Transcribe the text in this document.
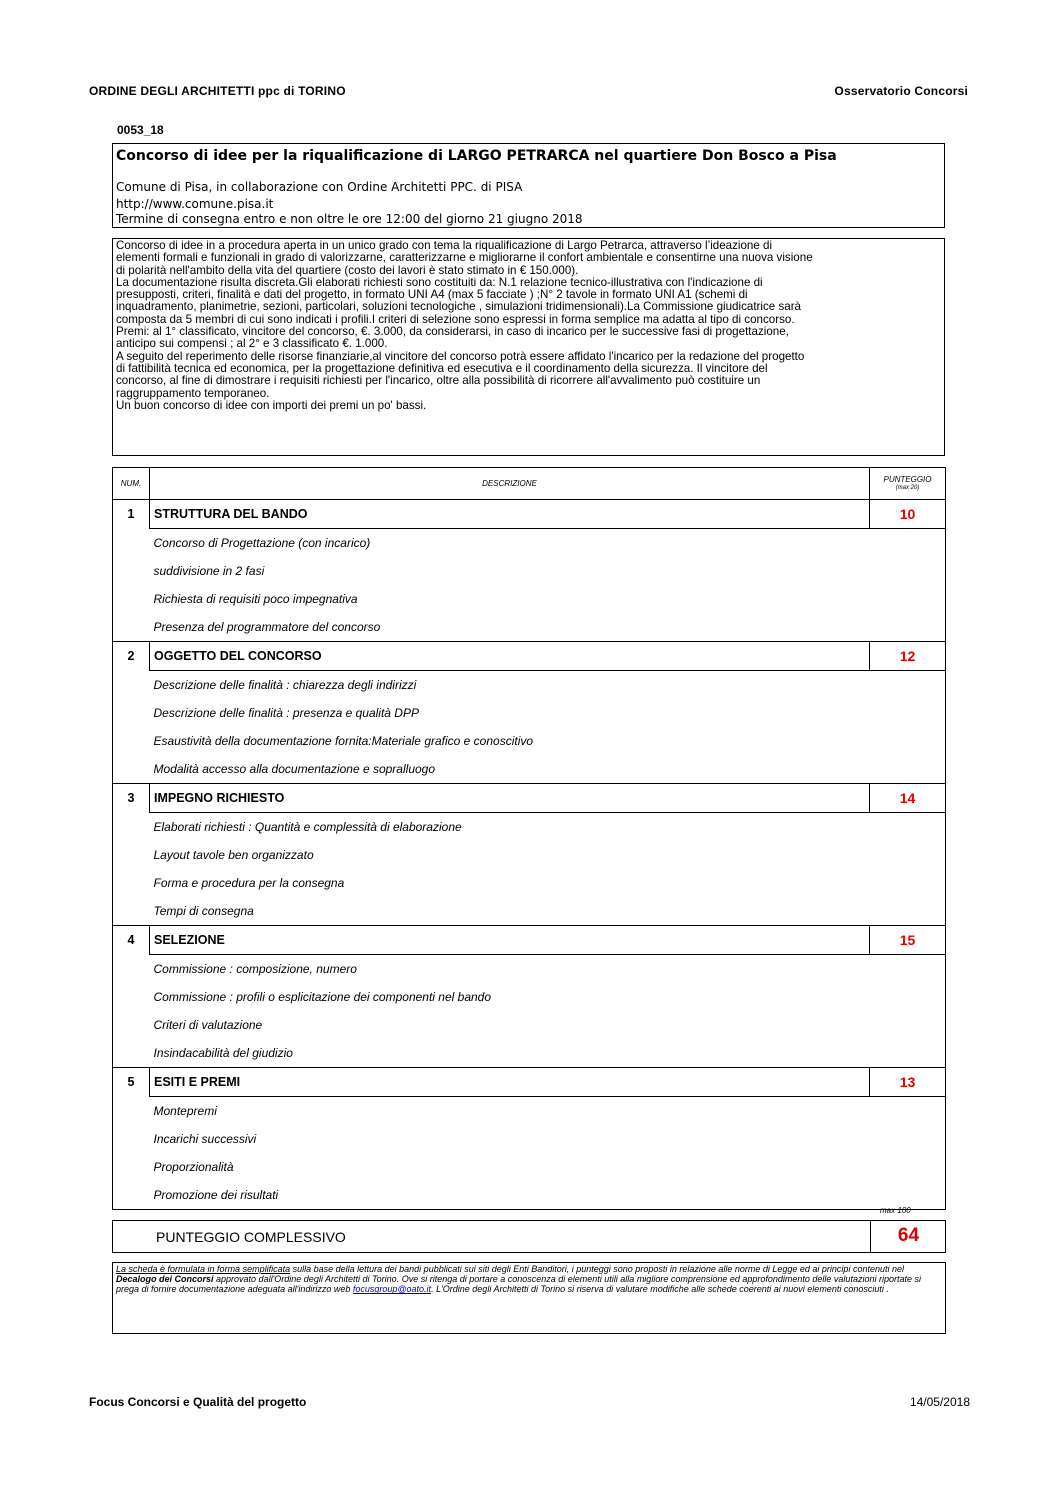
ORDINE DEGLI ARCHITETTI ppc di TORINO	Osservatorio Concorsi
0053_18
Concorso di idee per la riqualificazione di LARGO PETRARCA nel quartiere Don Bosco a Pisa
Comune di Pisa, in collaborazione con Ordine Architetti PPC. di PISA
http://www.comune.pisa.it
Termine di consegna entro e non oltre le ore 12:00 del giorno 21 giugno 2018

Concorso di idee in a procedura aperta in un unico grado con tema la riqualificazione di Largo Petrarca, attraverso l’ideazione di

elementi formali e funzionali in grado di valorizzarne, caratterizzarne e migliorarne il confort ambientale e consentirne una nuova visione

di polarità nell'ambito della vita del quartiere (costo dei lavori è stato stimato in € 150.000).

La documentazione risulta discreta.Gli elaborati richiesti sono costituiti da: N.1 relazione tecnico-illustrativa con l'indicazione di

presupposti, criteri, finalità e dati del progetto, in formato UNI A4 (max 5 facciate ) ;N° 2 tavole in formato UNI A1 (schemi di

inquadramento, planimetrie, sezioni, particolari, soluzioni tecnologiche , simulazioni tridimensionali).La Commissione giudicatrice sarà

composta da 5 membri di cui sono indicati i profili.I criteri di selezione sono espressi in forma semplice ma adatta al tipo di concorso.

Premi: al 1° classificato, vincitore del concorso, €. 3.000, da considerarsi, in caso di incarico per le successive fasi di progettazione,

anticipo sui compensi ; al 2° e 3 classificato €. 1.000.

A seguito del reperimento delle risorse finanziarie,al vincitore del concorso potrà essere affidato l'incarico per la redazione del progetto

di fattibilità tecnica ed economica, per la progettazione definitiva ed esecutiva e il coordinamento della sicurezza. Il vincitore del

concorso, al fine di dimostrare i requisiti richiesti per l'incarico, oltre alla possibilità di ricorrere all'avvalimento può costituire un

raggruppamento temporaneo.

Un buon concorso di idee con importi dei premi un po' bassi.

NUM.	DESCRIZIONE	PUNTEGGIO
(max 20)

1	STRUTTURA DEL BANDO	10
	Concorso di Progettazione (con incarico)	
	suddivisione in 2 fasi	
	Richiesta di requisiti poco impegnativa	
	Presenza del programmatore del concorso	
2	OGGETTO DEL CONCORSO	12
	Descrizione delle finalità : chiarezza degli indirizzi	
	Descrizione delle finalità : presenza e qualità DPP	
	Esaustività della documentazione fornita:Materiale grafico e conoscitivo	
	Modalità accesso alla documentazione e sopralluogo	
3	IMPEGNO RICHIESTO	14
	Elaborati richiesti : Quantità e complessità di elaborazione	
	Layout tavole ben organizzato	
	Forma e procedura per la consegna	
	Tempi di consegna	
4	SELEZIONE	15
	Commissione : composizione, numero	
	Commissione : profili o esplicitazione dei componenti nel bando	
	Criteri di valutazione	
	Insindacabilità del giudizio	
5	ESITI E PREMI	13
	Montepremi	
	Incarichi successivi	
	Proporzionalità	
	Promozione dei risultati	
max 100
PUNTEGGIO COMPLESSIVO	64
La scheda è formulata in forma semplificata sulla base della lettura dei bandi pubblicati sui siti degli Enti Banditori, i punteggi sono proposti in relazione alle norme di Legge ed ai principi contenuti nel Decalogo dei Concorsi approvato dall'Ordine degli Architetti di Torino. Ove si ritenga di portare a conoscenza di elementi utili alla migliore comprensione ed approfondimento delle valutazioni riportate si prega di fornire documentazione adeguata all'indirizzo web focusgroup@oato.it. L'Ordine degli Architetti di Torino si riserva di valutare modifiche alle schede coerenti ai nuovi elementi conosciuti .
Focus Concorsi e Qualità del progetto	14/05/2018
